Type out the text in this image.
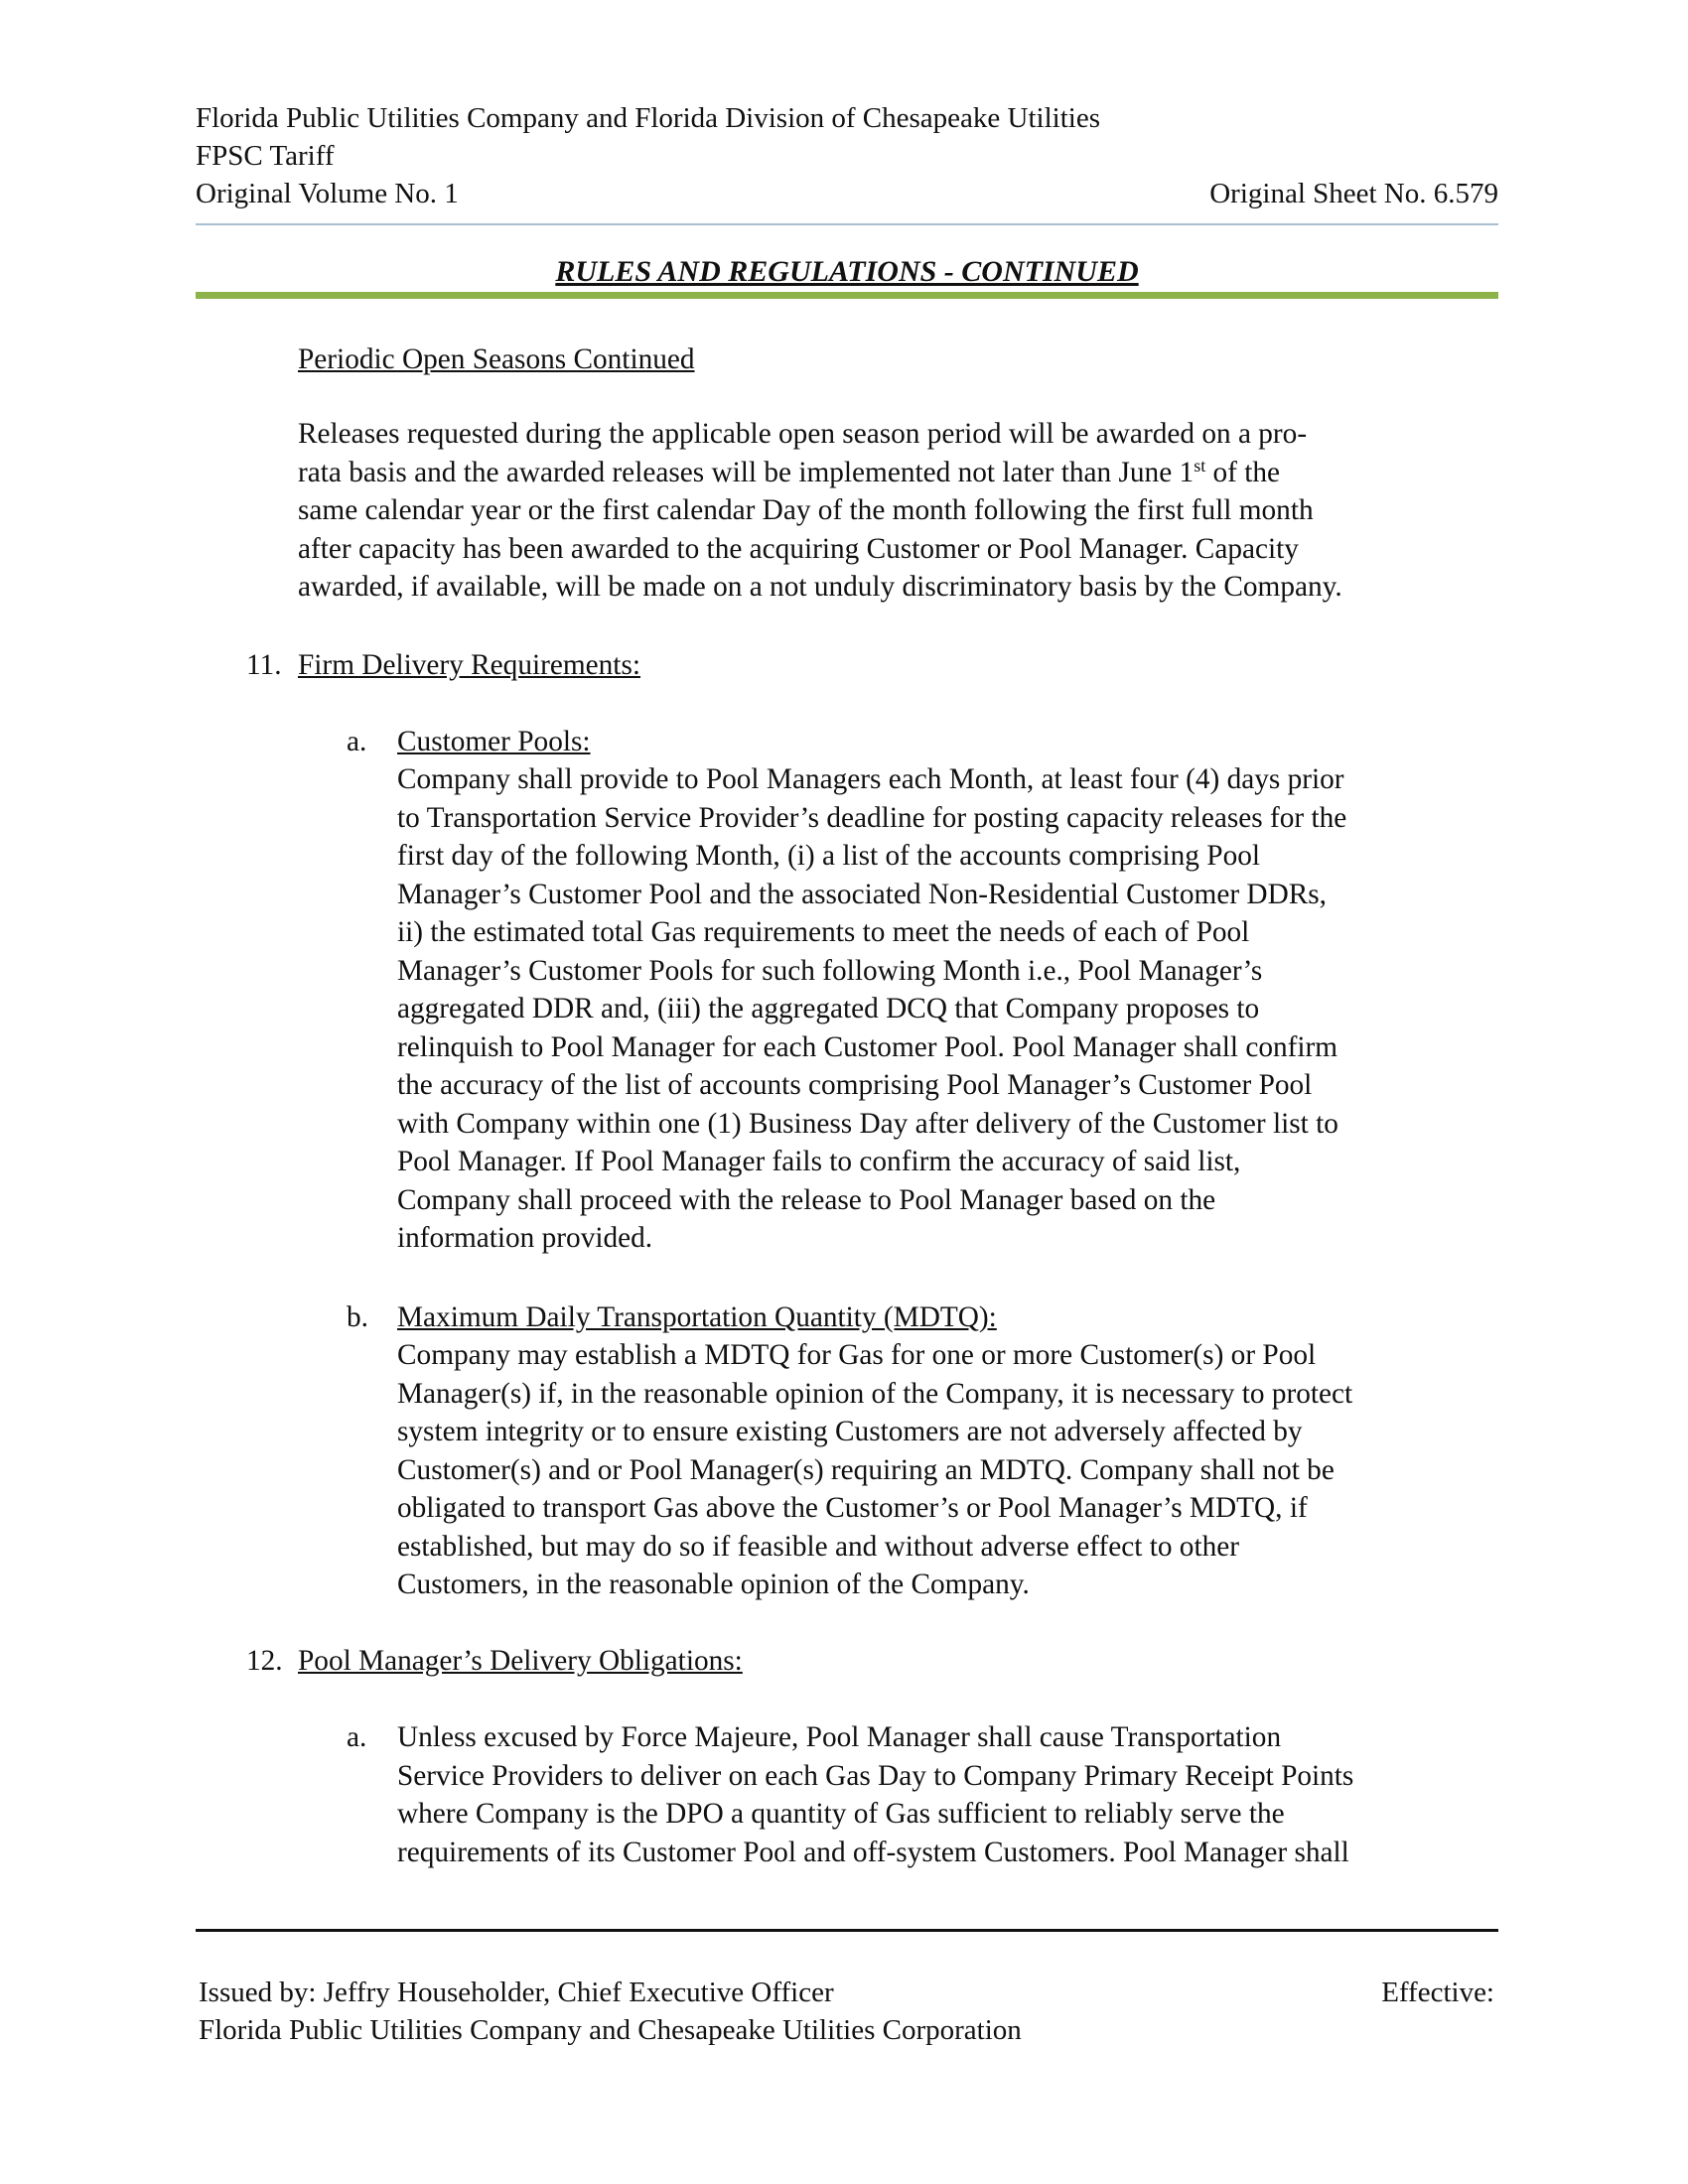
Florida Public Utilities Company and Florida Division of Chesapeake Utilities
FPSC Tariff
Original Volume No. 1	Original Sheet No. 6.579
RULES AND REGULATIONS - CONTINUED
Periodic Open Seasons Continued
Releases requested during the applicable open season period will be awarded on a pro-
rata basis and the awarded releases will be implemented not later than June 1st of the
same calendar year or the first calendar Day of the month following the first full month
after capacity has been awarded to the acquiring Customer or Pool Manager. Capacity
awarded, if available, will be made on a not unduly discriminatory basis by the Company.
11. Firm Delivery Requirements:
a. Customer Pools:
Company shall provide to Pool Managers each Month, at least four (4) days prior
to Transportation Service Provider’s deadline for posting capacity releases for the
first day of the following Month, (i) a list of the accounts comprising Pool
Manager’s Customer Pool and the associated Non-Residential Customer DDRs,
ii) the estimated total Gas requirements to meet the needs of each of Pool
Manager’s Customer Pools for such following Month i.e., Pool Manager’s
aggregated DDR and, (iii) the aggregated DCQ that Company proposes to
relinquish to Pool Manager for each Customer Pool. Pool Manager shall confirm
the accuracy of the list of accounts comprising Pool Manager’s Customer Pool
with Company within one (1) Business Day after delivery of the Customer list to
Pool Manager. If Pool Manager fails to confirm the accuracy of said list,
Company shall proceed with the release to Pool Manager based on the
information provided.
b. Maximum Daily Transportation Quantity (MDTQ):
Company may establish a MDTQ for Gas for one or more Customer(s) or Pool
Manager(s) if, in the reasonable opinion of the Company, it is necessary to protect
system integrity or to ensure existing Customers are not adversely affected by
Customer(s) and or Pool Manager(s) requiring an MDTQ. Company shall not be
obligated to transport Gas above the Customer’s or Pool Manager’s MDTQ, if
established, but may do so if feasible and without adverse effect to other
Customers, in the reasonable opinion of the Company.
12. Pool Manager’s Delivery Obligations:
a. Unless excused by Force Majeure, Pool Manager shall cause Transportation
Service Providers to deliver on each Gas Day to Company Primary Receipt Points
where Company is the DPO a quantity of Gas sufficient to reliably serve the
requirements of its Customer Pool and off-system Customers. Pool Manager shall
Issued by: Jeffry Householder, Chief Executive Officer	Effective:
Florida Public Utilities Company and Chesapeake Utilities Corporation
